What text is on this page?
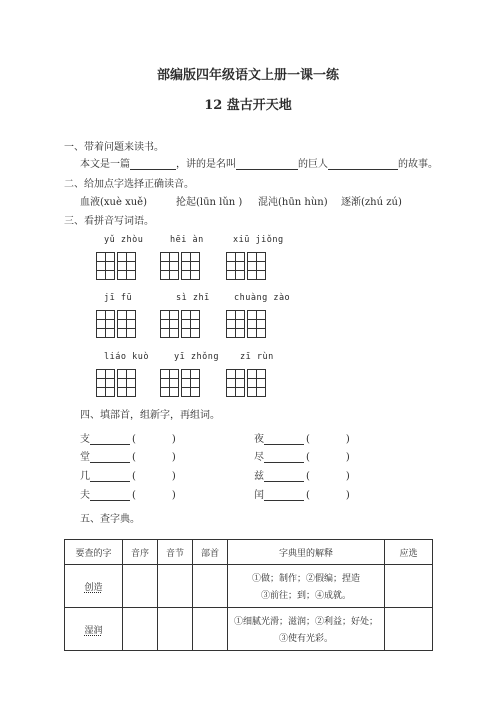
部编版四年级语文上册一课一练
12 盘古开天地
一、带着问题来读书。
本文是一篇	，讲的是名叫	的巨人	的故事。
二、给加点字选择正确读音。
血液(xuè xuě)	抡起(lūn lǔn ) 混沌(hūn hùn) 逐渐(zhú zú)
三、看拼音写词语。
yǔ zhòu	hēi àn	xiū jiǒng
jī fū	sì zhī	chuàng zào
liáo kuò	yī zhǒng zī rùn
四、填部首，组新字，再组词。
支	(	)	夜	(	)
堂	(	)	尽	(	)
几	(	)	兹	(	)
夫	(	)	闰	(	)
五、查字典。
要查的字	音序	音节	部首	字典里的解释	应选
创造				①做；制作；②假编；捏造
③前往；到；④成就。	

湿润				①细腻光滑；滋润；②利益；好处；
③使有光彩。	
